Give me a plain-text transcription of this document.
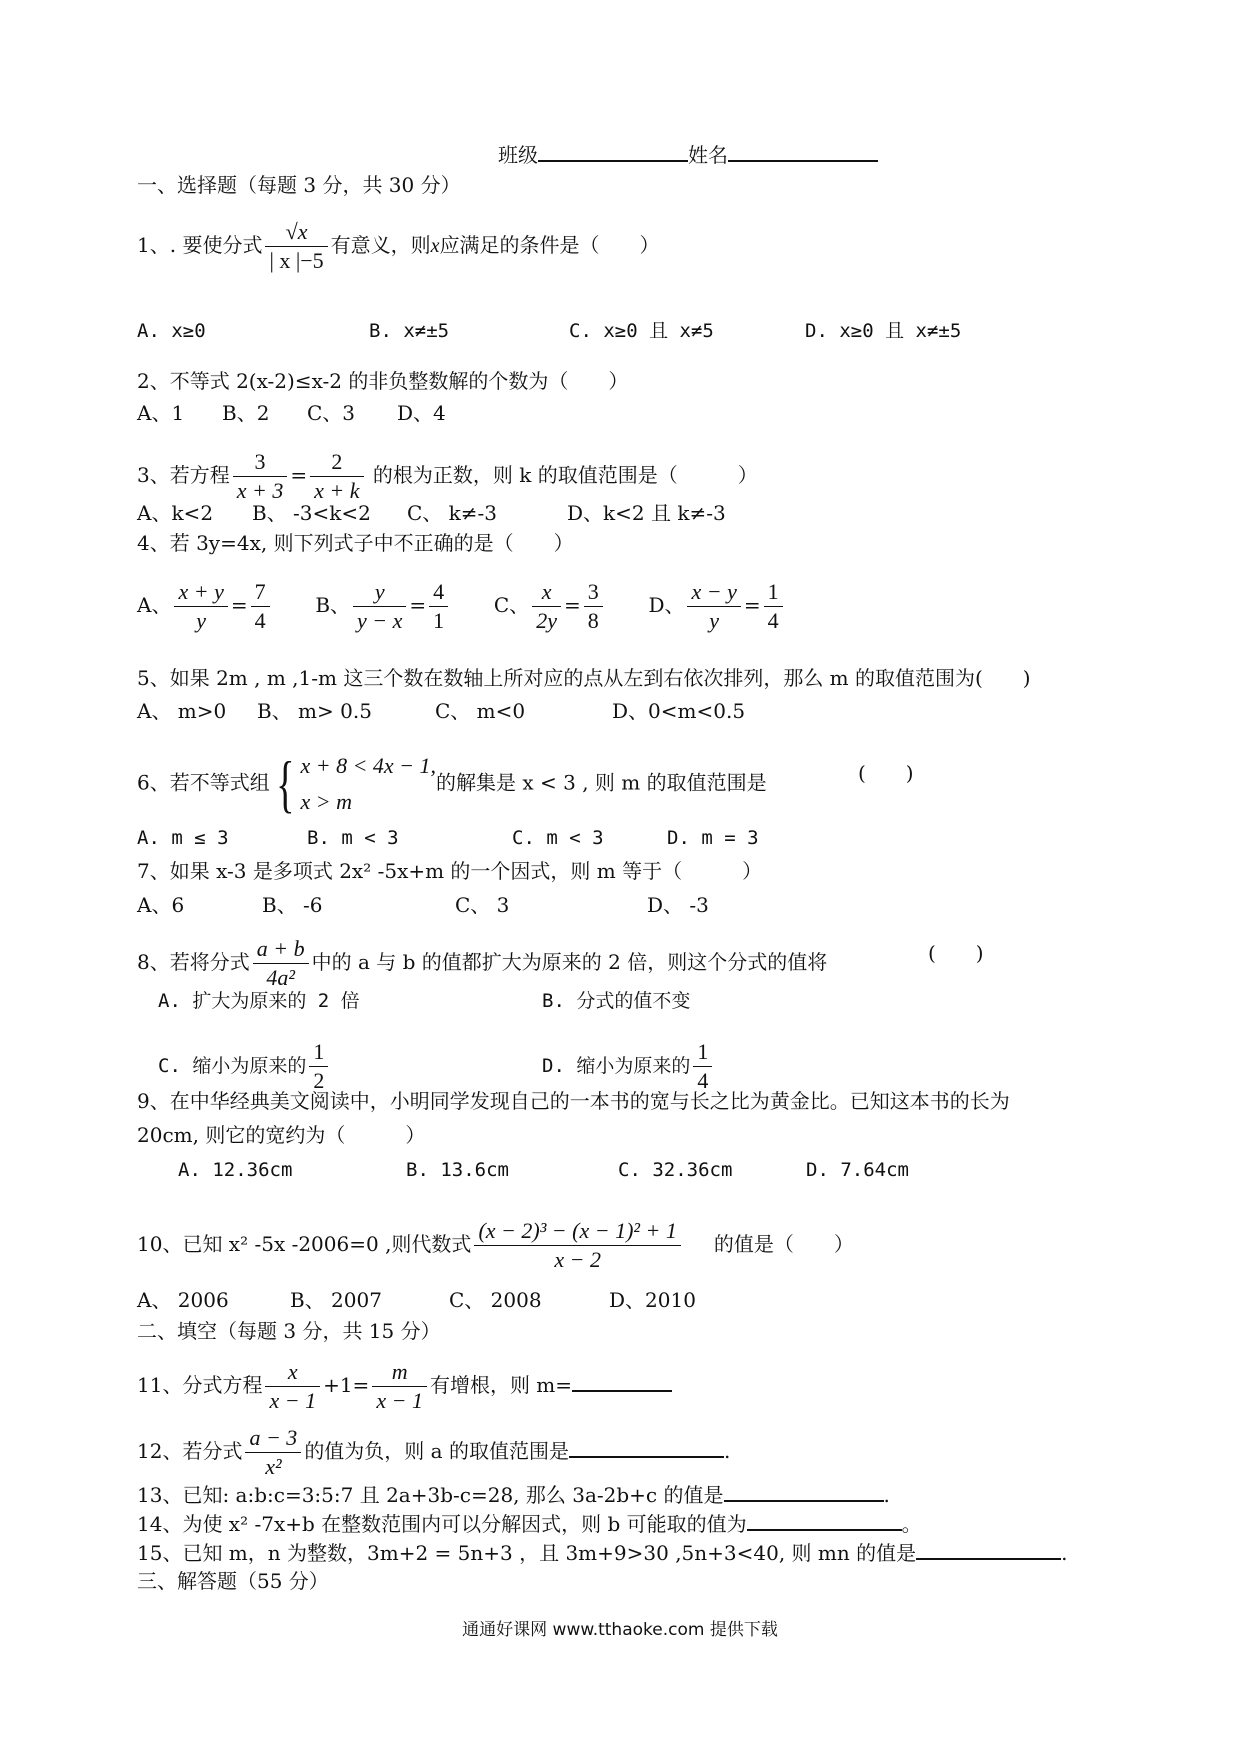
班级	姓名
一、选择题（每题 3 分，共 30 分）
1、. 要使分式 $\frac{√x}{| x |-5}$ 有意义，则x应满足的条件是（　　）
A. x≥0	B. x≠±5	C. x≥0 且 x≠5	D. x≥0 且 x≠±5
2、不等式 2(x-2)≤x-2 的非负整数解的个数为（　　）
A、1 B、2 C、3 D、4
3、若方程 $\frac{3}{x + 3} = \frac{2}{x + k}$ 的根为正数，则 k 的取值范围是（　　　）
A、k<2 B、 -3<k<2 C、 k≠-3	D、k<2 且 k≠-3
4、若 3y=4x, 则下列式子中不正确的是（　　）
A、 $\frac{x + y}{y} = \frac{7}{4}$ B、 $\frac{y}{y - x} = \frac{4}{1}$ C、 $\frac{x}{2y} = \frac{3}{8}$ D、 $\frac{x - y}{y} = \frac{1}{4}$
5、如果 2m , m ,1-m 这三个数在数轴上所对应的点从左到右依次排列，那么 m 的取值范围为(　　)
A、 m>0 B、 m> 0.5	C、 m<0	D、0<m<0.5
6、若不等式组{ x + 8 < 4x − 1,
x > m
的解集是 x < 3 , 则 m 的取值范围是	(　　)
A. m ≤ 3	B. m < 3	C. m < 3	D. m = 3
7、如果 x-3 是多项式 2x² -5x+m 的一个因式，则 m 等于（　　　）
A、6	B、 -6	C、 3	D、 -3
8、若将分式 $\frac{a + b}{\text{4a²}}$ 中的 a 与 b 的值都扩大为原来的 2 倍，则这个分式的值将	(　　)
A. 扩大为原来的 2 倍	B. 分式的值不变
C. 缩小为原来的 $\frac{1}{2}$	D. 缩小为原来的 $\frac{1}{4}$
9、在中华经典美文阅读中，小明同学发现自己的一本书的宽与长之比为黄金比。已知这本书的长为
20cm, 则它的宽约为（　　　）
A. 12.36cm	B. 13.6cm	C. 32.36cm	D. 7.64cm
10、已知 x² -5x -2006=0 ,则代数式 $\frac{\text{(x − 2)³ − (x − 1)² + 1}}{x - 2}$ 的值是（　　）
A、 2006	B、 2007	C、 2008	D、2010
二、填空（每题 3 分，共 15 分）
11、分式方程 $\frac{x}{x - 1} +1= \frac{m}{x - 1}$ 有增根，则 m=
12、若分式 $\frac{a - 3}{\text{x²}}$ 的值为负，则 a 的取值范围是	.
13、已知: a:b:c=3:5:7 且 2a+3b-c=28, 那么 3a-2b+c 的值是	.
14、为使 x² -7x+b 在整数范围内可以分解因式，则 b 可能取的值为	。
15、已知 m，n 为整数，3m+2 = 5n+3 ，且 3m+9>30 ,5n+3<40, 则 mn 的值是	.
三、解答题（55 分）
通通好课网 www.tthaoke.com 提供下载
